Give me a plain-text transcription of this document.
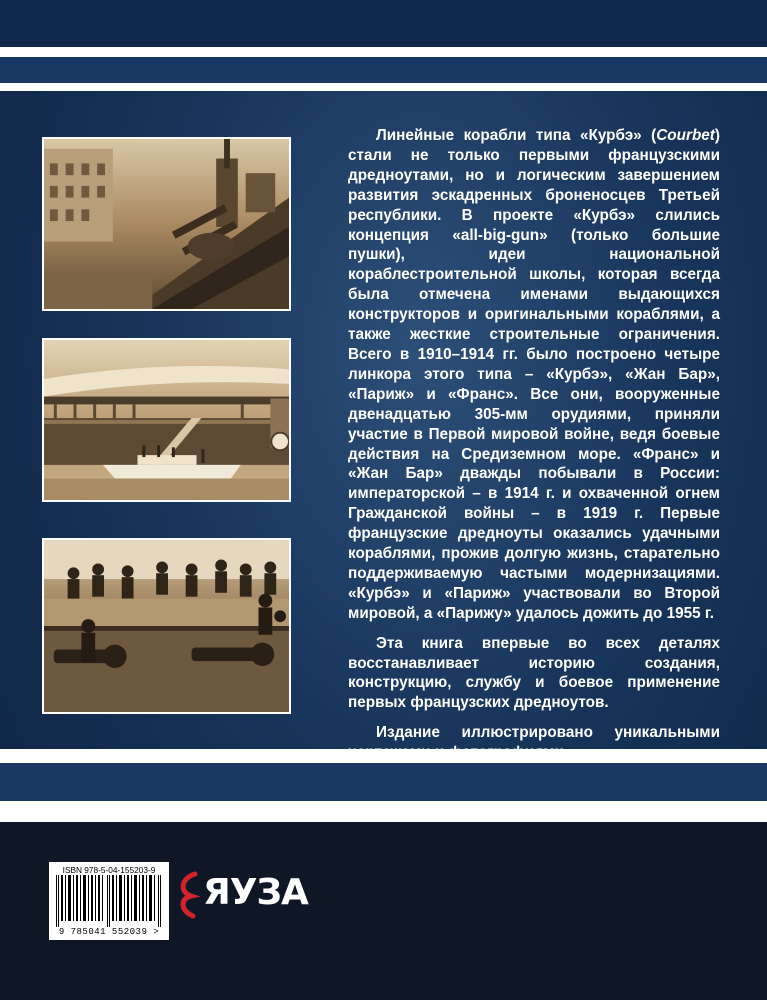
Линейные корабли типа «Курбэ» (Courbet) стали не только первыми французскими дредноутами, но и логическим завершением развития эскадренных броненосцев Третьей республики. В проекте «Курбэ» слились концепция «all-big-gun» (только большие пушки), идеи национальной кораблестроительной школы, которая всегда была отмечена именами выдающихся конструкторов и оригинальными кораблями, а также жесткие строительные ограничения. Всего в 1910–1914 гг. было построено четыре линкора этого типа – «Курбэ», «Жан Бар», «Париж» и «Франс». Все они, вооруженные двенадцатью 305-мм орудиями, приняли участие в Первой мировой войне, ведя боевые действия на Средиземном море. «Франс» и «Жан Бар» дважды побывали в России: императорской – в 1914 г. и охваченной огнем Гражданской войны – в 1919 г. Первые французские дредноуты оказались удачными кораблями, прожив долгую жизнь, старательно поддерживаемую частыми модернизациями. «Курбэ» и «Париж» участвовали во Второй мировой, а «Парижу» удалось дожить до 1955 г.

Эта книга впервые во всех деталях восстанавливает историю создания, конструкцию, службу и боевое применение первых французских дредноутов.

Издание иллюстрировано уникальными чертежами и фотографиями.

ISBN 978-5-04-155203-9
9 785041 552039 >
ЯУЗА
